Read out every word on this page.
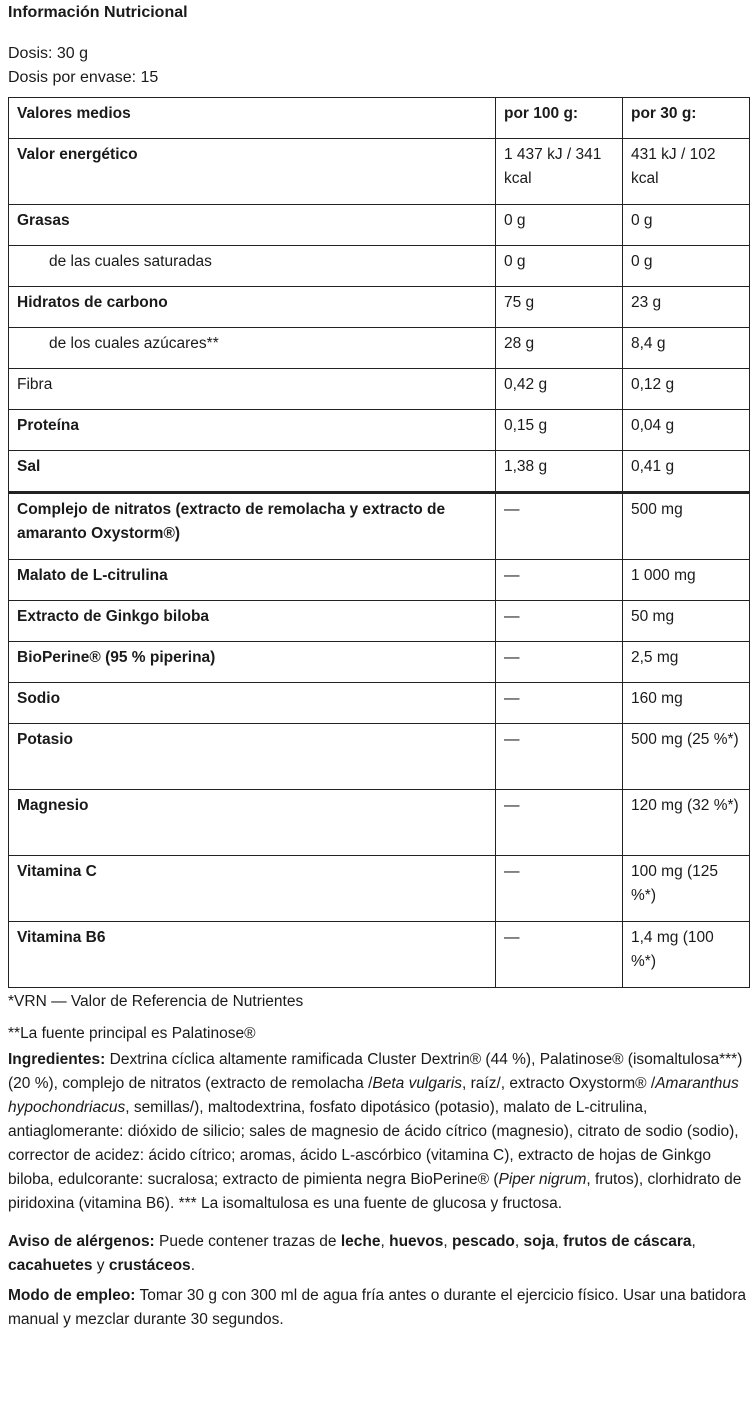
Información Nutricional
Dosis: 30 g
Dosis por envase: 15
Valores medios	por 100 g:	por 30 g:
Valor energético	1 437 kJ / 341 kcal	431 kJ / 102 kcal
Grasas	0 g	0 g
de las cuales saturadas	0 g	0 g
Hidratos de carbono	75 g	23 g
de los cuales azúcares**	28 g	8,4 g
Fibra	0,42 g	0,12 g
Proteína	0,15 g	0,04 g
Sal	1,38 g	0,41 g
Complejo de nitratos (extracto de remolacha y extracto de amaranto Oxystorm®)	—	500 mg
Malato de L-citrulina	—	1 000 mg
Extracto de Ginkgo biloba	—	50 mg
BioPerine® (95 % piperina)	—	2,5 mg
Sodio	—	160 mg
Potasio	—	500 mg (25 %*)
Magnesio	—	120 mg (32 %*)
Vitamina C	—	100 mg (125 %*)
Vitamina B6	—	1,4 mg (100 %*)
*VRN — Valor de Referencia de Nutrientes
**La fuente principal es Palatinose®
Ingredientes: Dextrina cíclica altamente ramificada Cluster Dextrin® (44 %), Palatinose® (isomaltulosa***) (20 %), complejo de nitratos (extracto de remolacha /Beta vulgaris, raíz/, extracto Oxystorm® /Amaranthus hypochondriacus, semillas/), maltodextrina, fosfato dipotásico (potasio), malato de L-citrulina, antiaglomerante: dióxido de silicio; sales de magnesio de ácido cítrico (magnesio), citrato de sodio (sodio), corrector de acidez: ácido cítrico; aromas, ácido L-ascórbico (vitamina C), extracto de hojas de Ginkgo biloba, edulcorante: sucralosa; extracto de pimienta negra BioPerine® (Piper nigrum, frutos), clorhidrato de piridoxina (vitamina B6). *** La isomaltulosa es una fuente de glucosa y fructosa.
Aviso de alérgenos: Puede contener trazas de leche, huevos, pescado, soja, frutos de cáscara, cacahuetes y crustáceos.
Modo de empleo: Tomar 30 g con 300 ml de agua fría antes o durante el ejercicio físico. Usar una batidora manual y mezclar durante 30 segundos.
